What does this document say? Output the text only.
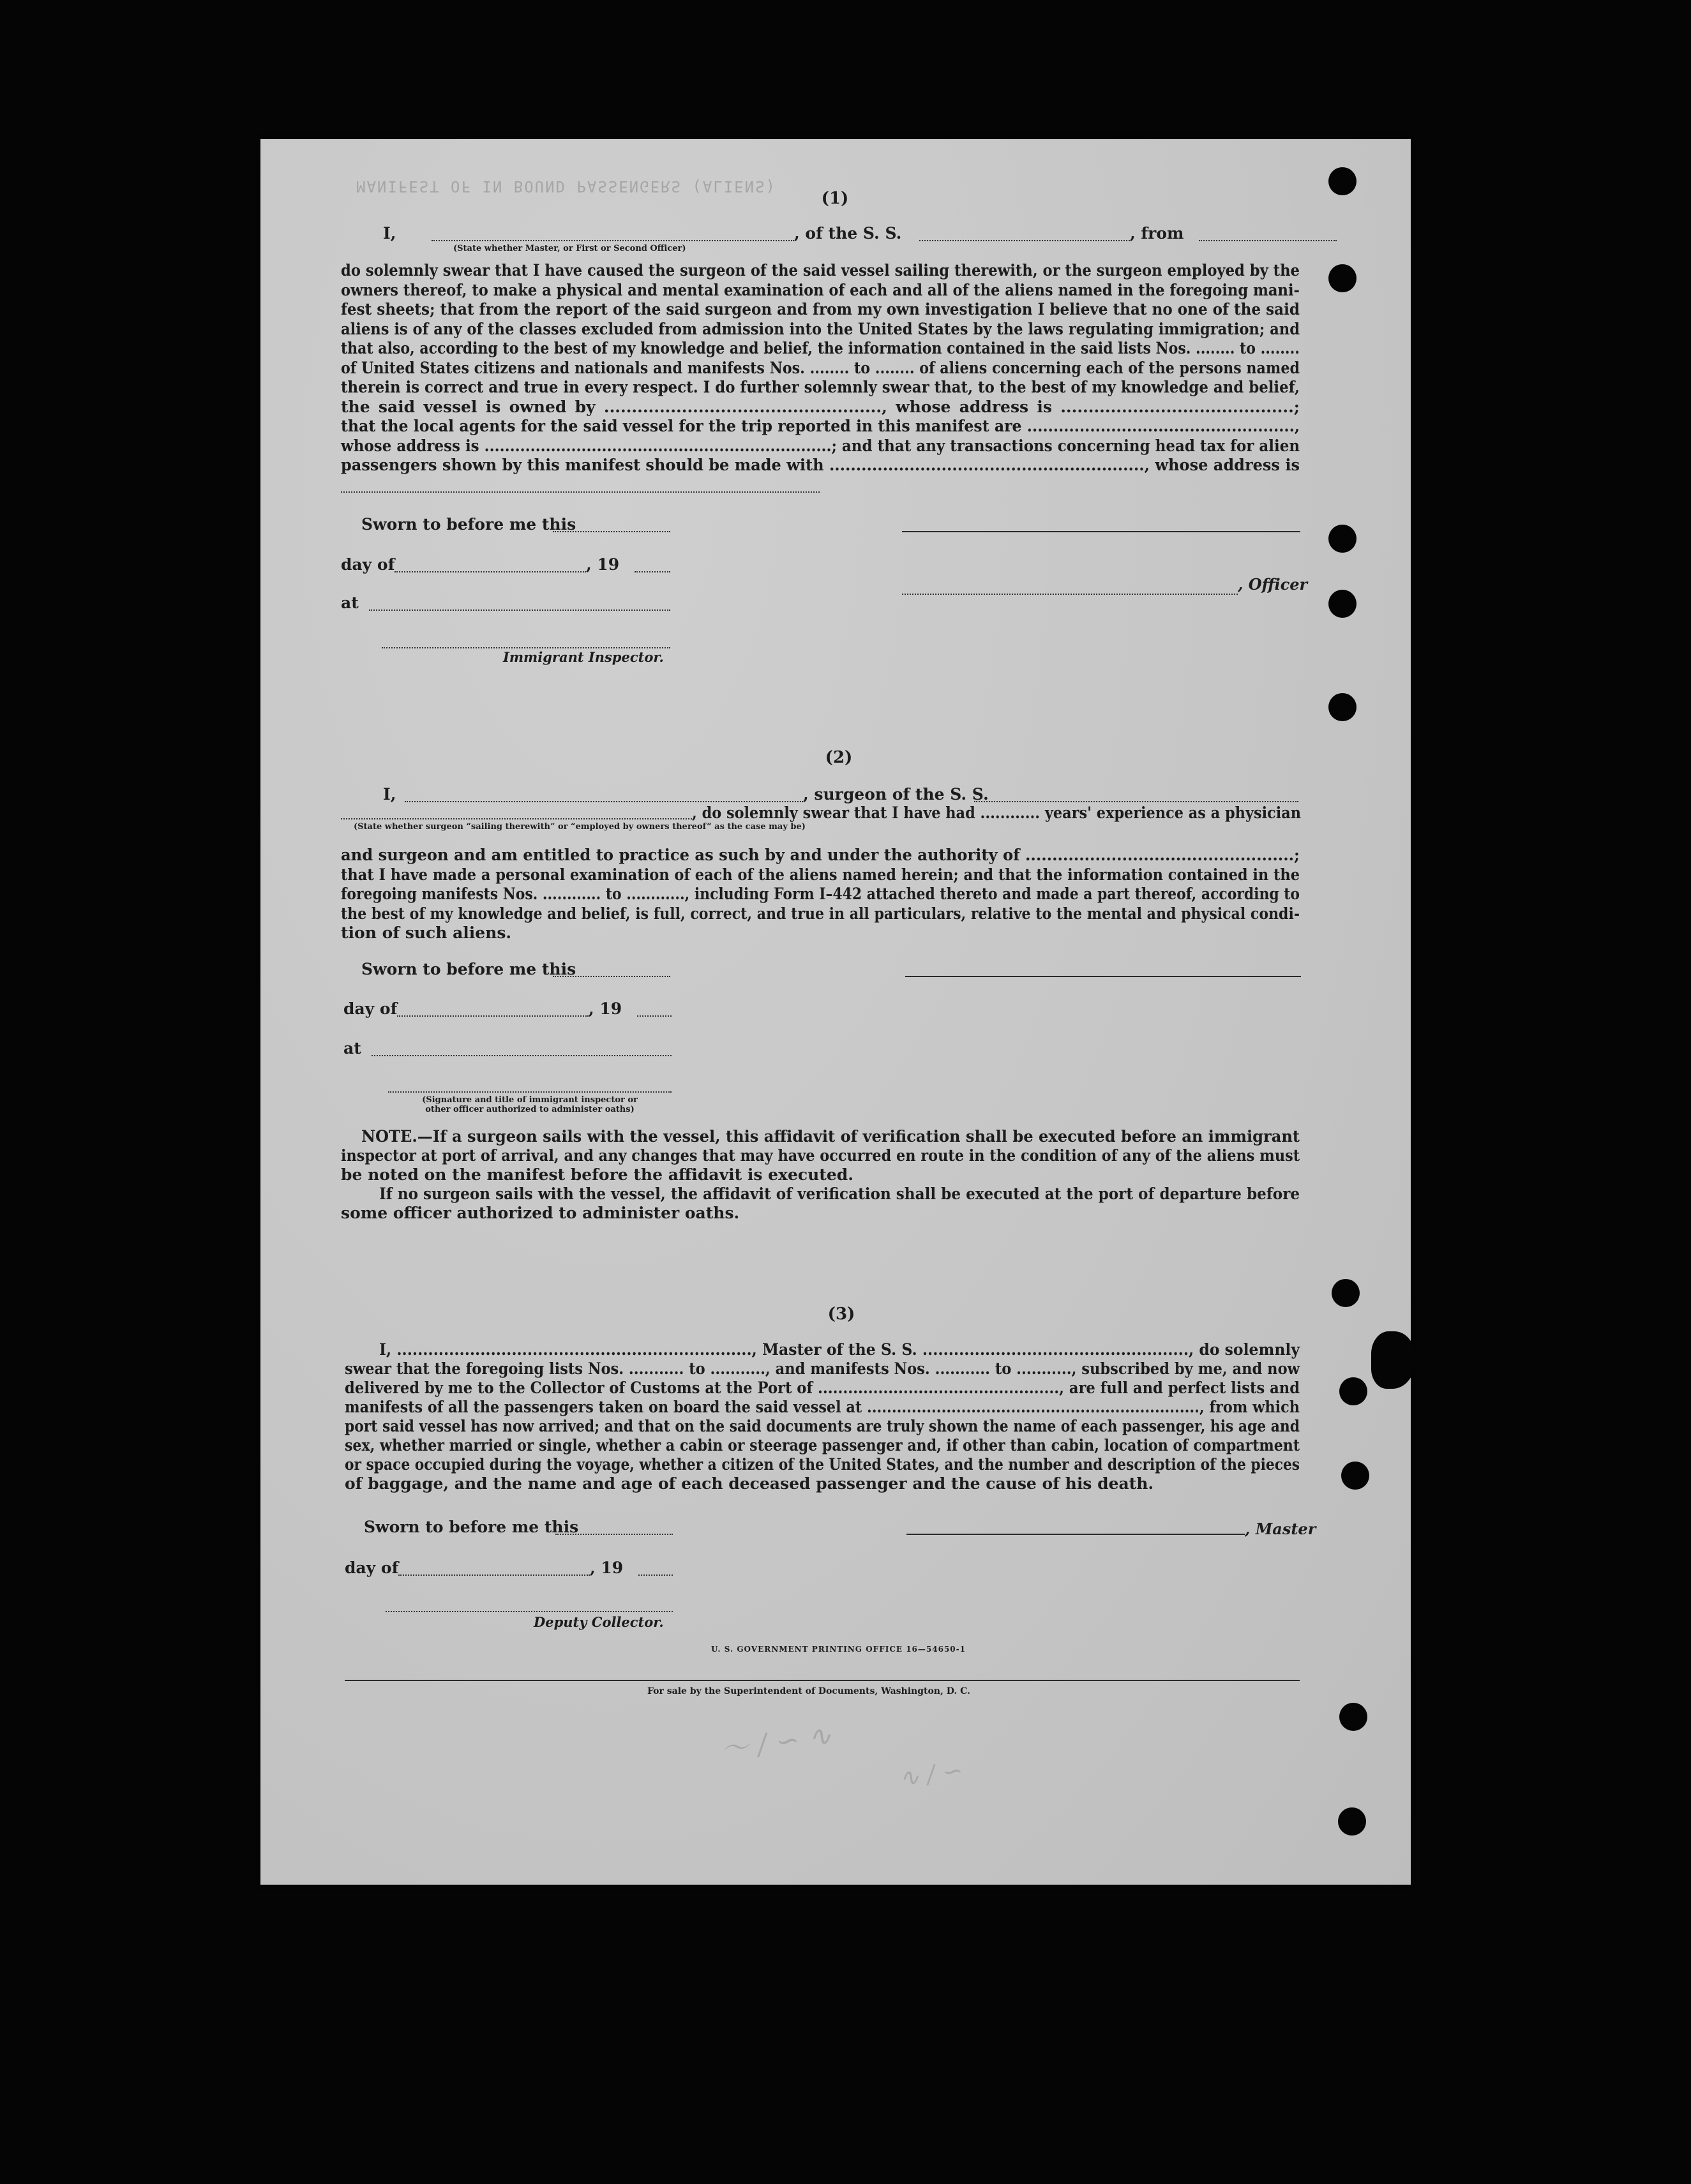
MANIFEST OF IN BOUND PASSENGERS (ALIENS)
(1)
I,	, of the S. S.	, from
(State whether Master, or First or Second Officer)
do solemnly swear that I have caused the surgeon of the said vessel sailing therewith, or the surgeon employed by the
owners thereof, to make a physical and mental examination of each and all of the aliens named in the foregoing mani-
fest sheets; that from the report of the said surgeon and from my own investigation I believe that no one of the said
aliens is of any of the classes excluded from admission into the United States by the laws regulating immigration; and
that also, according to the best of my knowledge and belief, the information contained in the said lists Nos. ........ to ........
of United States citizens and nationals and manifests Nos. ........ to ........ of aliens concerning each of the persons named
therein is correct and true in every respect. I do further solemnly swear that, to the best of my knowledge and belief,
the said vessel is owned by .................................................., whose address is ..........................................;
that the local agents for the said vessel for the trip reported in this manifest are ...................................................,
whose address is ....................................................................; and that any transactions concerning head tax for alien
passengers shown by this manifest should be made with ..........................................................., whose address is
Sworn to before me this
day of	, 19
, Officer
at
Immigrant Inspector.
(2)
I,	, surgeon of the S. S.
, do solemnly swear that I have had ............ years' experience as a physician
(State whether surgeon “sailing therewith” or “employed by owners thereof” as the case may be)
and surgeon and am entitled to practice as such by and under the authority of ..................................................;
that I have made a personal examination of each of the aliens named herein; and that the information contained in the
foregoing manifests Nos. ............ to ............, including Form I–442 attached thereto and made a part thereof, according to
the best of my knowledge and belief, is full, correct, and true in all particulars, relative to the mental and physical condi-
tion of such aliens.
Sworn to before me this
day of	, 19
at
(Signature and title of immigrant inspector or
other officer authorized to administer oaths)
NOTE.—If a surgeon sails with the vessel, this affidavit of verification shall be executed before an immigrant
inspector at port of arrival, and any changes that may have occurred en route in the condition of any of the aliens must
be noted on the manifest before the affidavit is executed.
If no surgeon sails with the vessel, the affidavit of verification shall be executed at the port of departure before
some officer authorized to administer oaths.
(3)
I, ...................................................................., Master of the S. S. ..................................................., do solemnly
swear that the foregoing lists Nos. ........... to ..........., and manifests Nos. ........... to ..........., subscribed by me, and now
delivered by me to the Collector of Customs at the Port of ................................................, are full and perfect lists and
manifests of all the passengers taken on board the said vessel at ..................................................................., from which
port said vessel has now arrived; and that on the said documents are truly shown the name of each passenger, his age and
sex, whether married or single, whether a cabin or steerage passenger and, if other than cabin, location of compartment
or space occupied during the voyage, whether a citizen of the United States, and the number and description of the pieces
of baggage, and the name and age of each deceased passenger and the cause of his death.
Sworn to before me this	, Master
day of	, 19
Deputy Collector.
U. S. GOVERNMENT PRINTING OFFICE 16—54650-1
For sale by the Superintendent of Documents, Washington, D. C.
〜 ∕ ∽ ∿
∿ ∕ ∽
